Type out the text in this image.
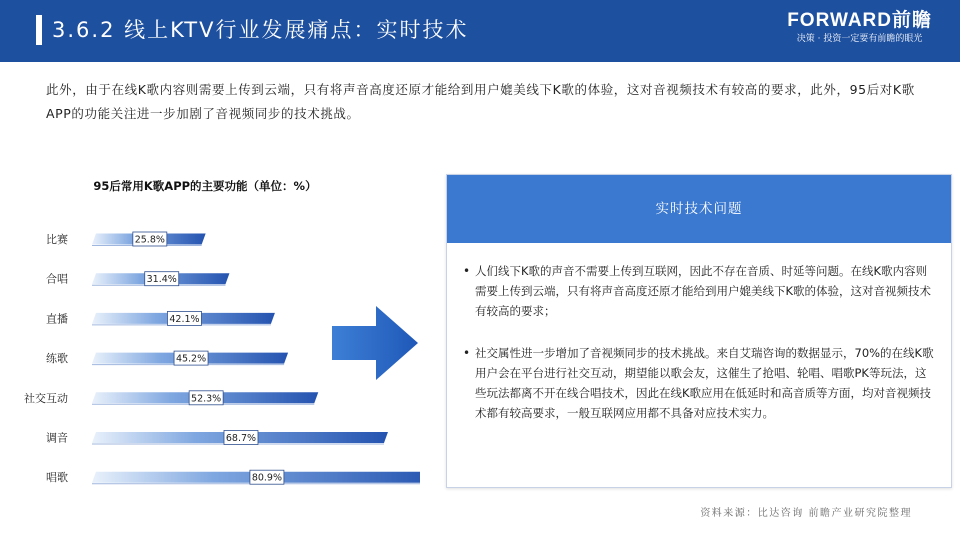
3.6.2 线上KTV行业发展痛点：实时技术	FORWARD前瞻
决策 · 投资一定要有前瞻的眼光
此外，由于在线K歌内容则需要上传到云端，只有将声音高度还原才能给到用户媲美线下K歌的体验，这对音视频技术有较高的要求，此外，95后对K歌APP的功能关注进一步加剧了音视频同步的技术挑战。
比赛	25.8%
合唱	31.4%
直播	42.1%
练歌	45.2%
社交互动	52.3%
调音	68.7%
唱歌	80.9%
95后常用K歌APP的主要功能（单位：%）
实时技术问题
• 人们线下K歌的声音不需要上传到互联网，因此不存在音质、时延等问题。在线K歌内容则需要上传到云端，只有将声音高度还原才能给到用户媲美线下K歌的体验，这对音视频技术有较高的要求；
• 社交属性进一步增加了音视频同步的技术挑战。来自艾瑞咨询的数据显示，70%的在线K歌用户会在平台进行社交互动，期望能以歌会友，这催生了抢唱、轮唱、唱歌PK等玩法，这些玩法都离不开在线合唱技术，因此在线K歌应用在低延时和高音质等方面，均对音视频技术都有较高要求，一般互联网应用都不具备对应技术实力。
资料来源：比达咨询 前瞻产业研究院整理
